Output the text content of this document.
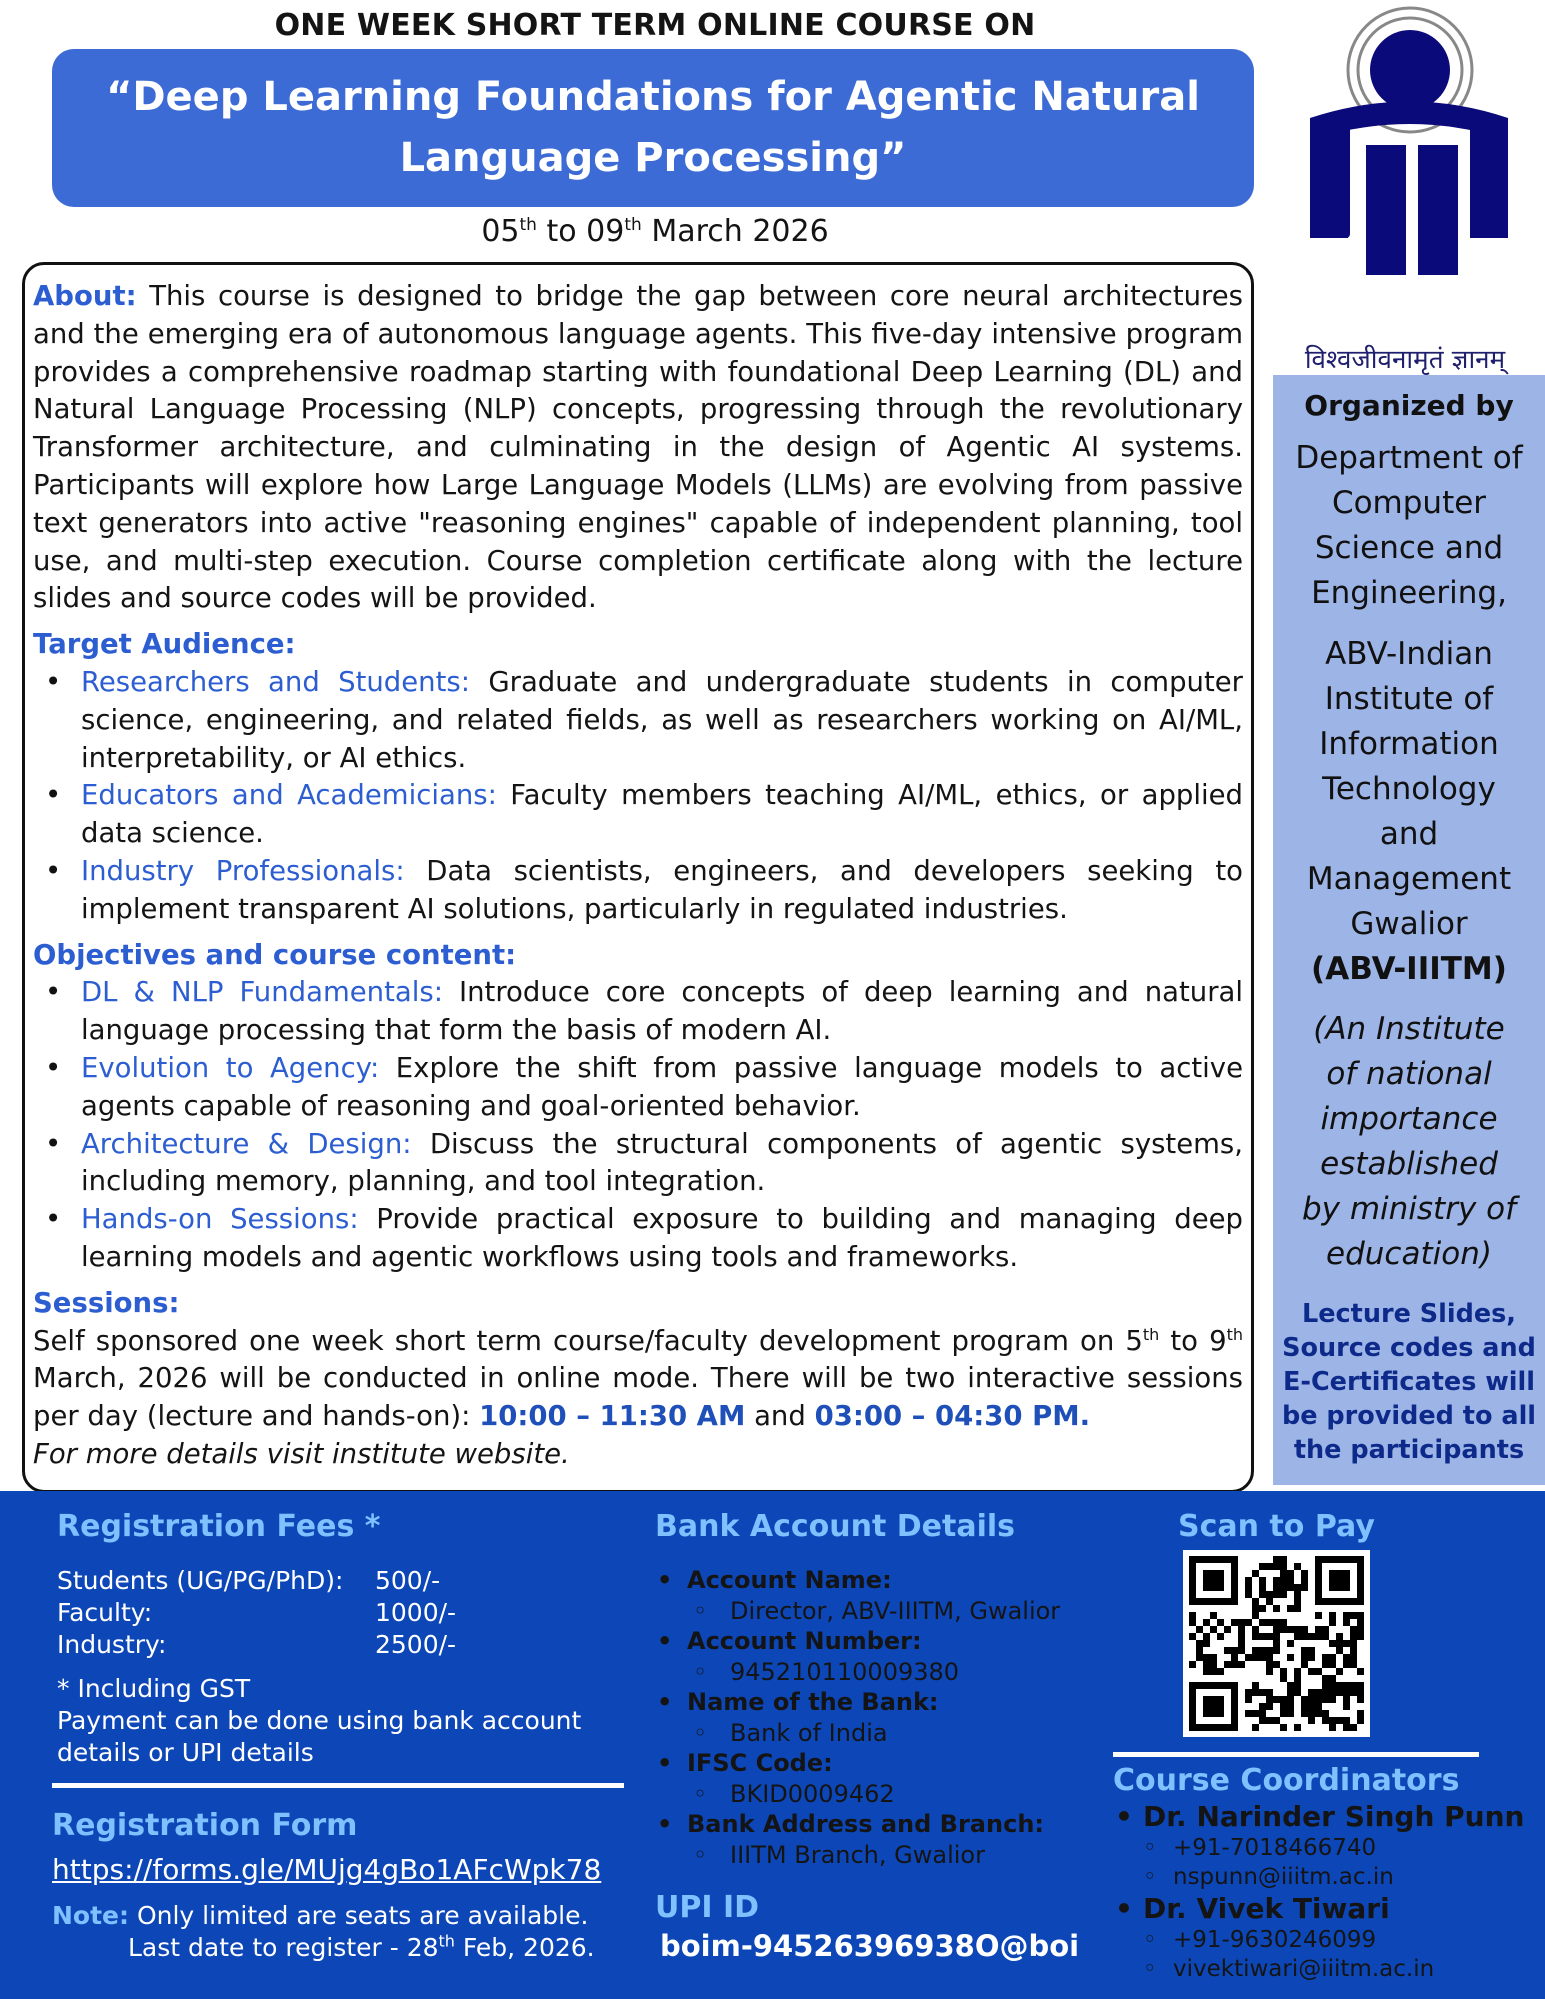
ONE WEEK SHORT TERM ONLINE COURSE ON
“Deep Learning Foundations for Agentic Natural
Language Processing”
05th to 09th March 2026
विश्वजीवनामृतं ज्ञानम्

About: This course is designed to bridge the gap between core neural architectures and the emerging era of autonomous language agents. This five-day intensive program provides a comprehensive roadmap starting with foundational Deep Learning (DL) and Natural Language Processing (NLP) concepts, progressing through the revolutionary Transformer architecture, and culminating in the design of Agentic AI systems. Participants will explore how Large Language Models (LLMs) are evolving from passive text generators into active "reasoning engines" capable of independent planning, tool use, and multi-step execution. Course completion certificate along with the lecture slides and source codes will be provided.

Target Audience:
• Researchers and Students: Graduate and undergraduate students in computer science, engineering, and related fields, as well as researchers working on AI/ML, interpretability, or AI ethics.
• Educators and Academicians: Faculty members teaching AI/ML, ethics, or applied data science.
• Industry Professionals: Data scientists, engineers, and developers seeking to implement transparent AI solutions, particularly in regulated industries.
Objectives and course content:
• DL & NLP Fundamentals: Introduce core concepts of deep learning and natural language processing that form the basis of modern AI.
• Evolution to Agency: Explore the shift from passive language models to active agents capable of reasoning and goal-oriented behavior.
• Architecture & Design: Discuss the structural components of agentic systems, including memory, planning, and tool integration.
• Hands-on Sessions: Provide practical exposure to building and managing deep learning models and agentic workflows using tools and frameworks.
Sessions:

Self sponsored one week short term course/faculty development program on 5th to 9th March, 2026 will be conducted in online mode. There will be two interactive sessions per day (lecture and hands-on): 10:00 – 11:30 AM and 03:00 – 04:30 PM.

For more details visit institute website.

Organized by
Department of
Computer
Science and
Engineering,
ABV-Indian
Institute of
Information
Technology
and
Management
Gwalior
(ABV-IIITM)
(An Institute
of national
importance
established
by ministry of
education)
Lecture Slides,
Source codes and
E-Certificates will
be provided to all
the participants
Registration Fees *
Students (UG/PG/PhD):	500/-
Faculty:	1000/-
Industry:	2500/-
* Including GST
Payment can be done using bank account
details or UPI details
Registration Form
https://forms.gle/MUjg4gBo1AFcWpk78
Note: Only limited are seats are available.
Last date to register - 28th Feb, 2026.
Bank Account Details
• Account Name:
◦ Director, ABV-IIITM, Gwalior
• Account Number:
◦ 945210110009380
• Name of the Bank:
◦ Bank of India
• IFSC Code:
◦ BKID0009462
• Bank Address and Branch:
◦ IIITM Branch, Gwalior
UPI ID
boim-94526396938O@boi
Scan to Pay
Course Coordinators
• Dr. Narinder Singh Punn
◦ +91-7018466740
◦ nspunn@iiitm.ac.in
• Dr. Vivek Tiwari
◦ +91-9630246099
◦ vivektiwari@iiitm.ac.in
